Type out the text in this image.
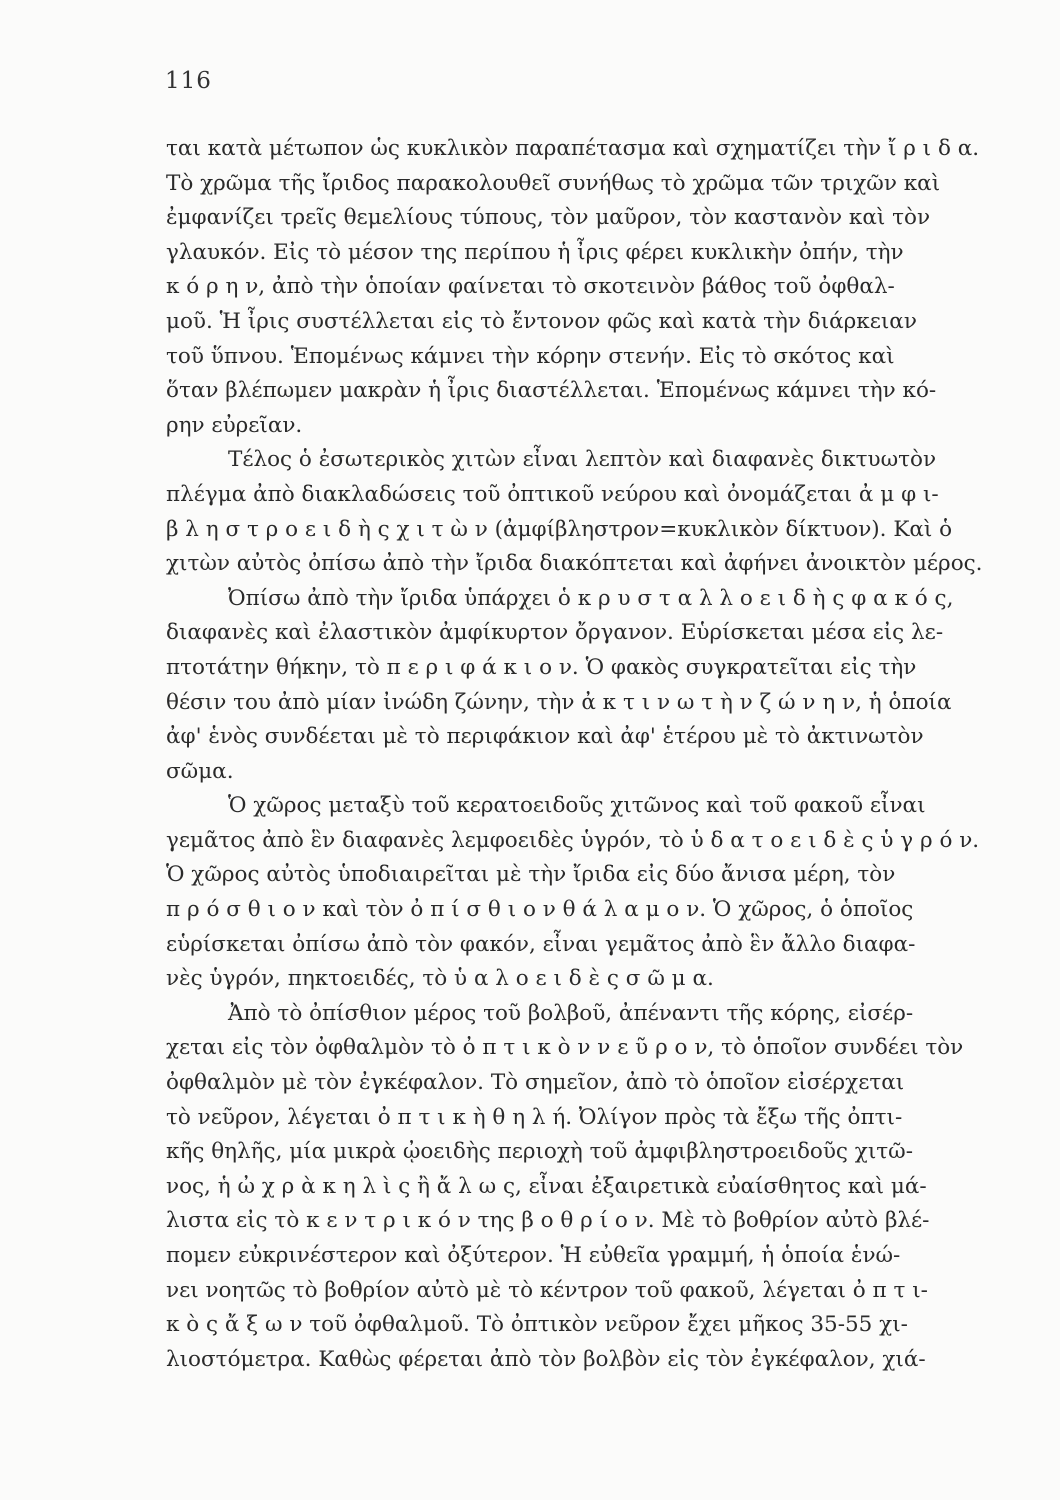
116
ται κατὰ μέτωπον ὡς κυκλικὸν παραπέτασμα καὶ σχηματίζει τὴν ἴ ρ ι δ α.
Τὸ χρῶμα τῆς ἴριδος παρακολουθεῖ συνήθως τὸ χρῶμα τῶν τριχῶν καὶ
ἐμφανίζει τρεῖς θεμελίους τύπους, τὸν μαῦρον, τὸν καστανὸν καὶ τὸν
γλαυκόν. Εἰς τὸ μέσον της περίπου ἡ ἶρις φέρει κυκλικὴν ὀπήν, τὴν
κ ό ρ η ν, ἀπὸ τὴν ὁποίαν φαίνεται τὸ σκοτεινὸν βάθος τοῦ ὀφθαλ-
μοῦ. Ἡ ἶρις συστέλλεται εἰς τὸ ἔντονον φῶς καὶ κατὰ τὴν διάρκειαν
τοῦ ὕπνου. Ἑπομένως κάμνει τὴν κόρην στενήν. Εἰς τὸ σκότος καὶ
ὅταν βλέπωμεν μακρὰν ἡ ἶρις διαστέλλεται. Ἑπομένως κάμνει τὴν κό-
ρην εὐρεῖαν.
Τέλος ὁ ἐσωτερικὸς χιτὼν εἶναι λεπτὸν καὶ διαφανὲς δικτυωτὸν
πλέγμα ἀπὸ διακλαδώσεις τοῦ ὀπτικοῦ νεύρου καὶ ὀνομάζεται ἀ μ φ ι-
β λ η σ τ ρ ο ε ι δ ὴ ς χ ι τ ὼ ν (ἀμφίβληστρον=κυκλικὸν δίκτυον). Καὶ ὁ
χιτὼν αὐτὸς ὀπίσω ἀπὸ τὴν ἴριδα διακόπτεται καὶ ἀφήνει ἀνοικτὸν μέρος.
Ὀπίσω ἀπὸ τὴν ἴριδα ὑπάρχει ὁ κ ρ υ σ τ α λ λ ο ε ι δ ὴ ς φ α κ ό ς,
διαφανὲς καὶ ἐλαστικὸν ἀμφίκυρτον ὄργανον. Εὑρίσκεται μέσα εἰς λε-
πτοτάτην θήκην, τὸ π ε ρ ι φ ά κ ι ο ν. Ὁ φακὸς συγκρατεῖται εἰς τὴν
θέσιν του ἀπὸ μίαν ἰνώδη ζώνην, τὴν ἀ κ τ ι ν ω τ ὴ ν ζ ώ ν η ν, ἡ ὁποία
ἀφ' ἑνὸς συνδέεται μὲ τὸ περιφάκιον καὶ ἀφ' ἑτέρου μὲ τὸ ἀκτινωτὸν
σῶμα.
Ὁ χῶρος μεταξὺ τοῦ κερατοειδοῦς χιτῶνος καὶ τοῦ φακοῦ εἶναι
γεμᾶτος ἀπὸ ἓν διαφανὲς λεμφοειδὲς ὑγρόν, τὸ ὑ δ α τ ο ε ι δ ὲ ς ὑ γ ρ ό ν.
Ὁ χῶρος αὐτὸς ὑποδιαιρεῖται μὲ τὴν ἴριδα εἰς δύο ἄνισα μέρη, τὸν
π ρ ό σ θ ι ο ν καὶ τὸν ὀ π ί σ θ ι ο ν θ ά λ α μ ο ν. Ὁ χῶρος, ὁ ὁποῖος
εὑρίσκεται ὀπίσω ἀπὸ τὸν φακόν, εἶναι γεμᾶτος ἀπὸ ἓν ἄλλο διαφα-
νὲς ὑγρόν, πηκτοειδές, τὸ ὑ α λ ο ε ι δ ὲ ς σ ῶ μ α.
Ἀπὸ τὸ ὀπίσθιον μέρος τοῦ βολβοῦ, ἀπέναντι τῆς κόρης, εἰσέρ-
χεται εἰς τὸν ὀφθαλμὸν τὸ ὀ π τ ι κ ὸ ν ν ε ῦ ρ ο ν, τὸ ὁποῖον συνδέει τὸν
ὀφθαλμὸν μὲ τὸν ἐγκέφαλον. Τὸ σημεῖον, ἀπὸ τὸ ὁποῖον εἰσέρχεται
τὸ νεῦρον, λέγεται ὀ π τ ι κ ὴ θ η λ ή. Ὀλίγον πρὸς τὰ ἔξω τῆς ὀπτι-
κῆς θηλῆς, μία μικρὰ ᾠοειδὴς περιοχὴ τοῦ ἀμφιβληστροειδοῦς χιτῶ-
νος, ἡ ὠ χ ρ ὰ κ η λ ὶ ς ἢ ἄ λ ω ς, εἶναι ἐξαιρετικὰ εὐαίσθητος καὶ μά-
λιστα εἰς τὸ κ ε ν τ ρ ι κ ό ν της β ο θ ρ ί ο ν. Μὲ τὸ βοθρίον αὐτὸ βλέ-
πομεν εὐκρινέστερον καὶ ὀξύτερον. Ἡ εὐθεῖα γραμμή, ἡ ὁποία ἑνώ-
νει νοητῶς τὸ βοθρίον αὐτὸ μὲ τὸ κέντρον τοῦ φακοῦ, λέγεται ὀ π τ ι-
κ ὸ ς ἄ ξ ω ν τοῦ ὀφθαλμοῦ. Τὸ ὀπτικὸν νεῦρον ἔχει μῆκος 35-55 χι-
λιοστόμετρα. Καθὼς φέρεται ἀπὸ τὸν βολβὸν εἰς τὸν ἐγκέφαλον, χιά-
